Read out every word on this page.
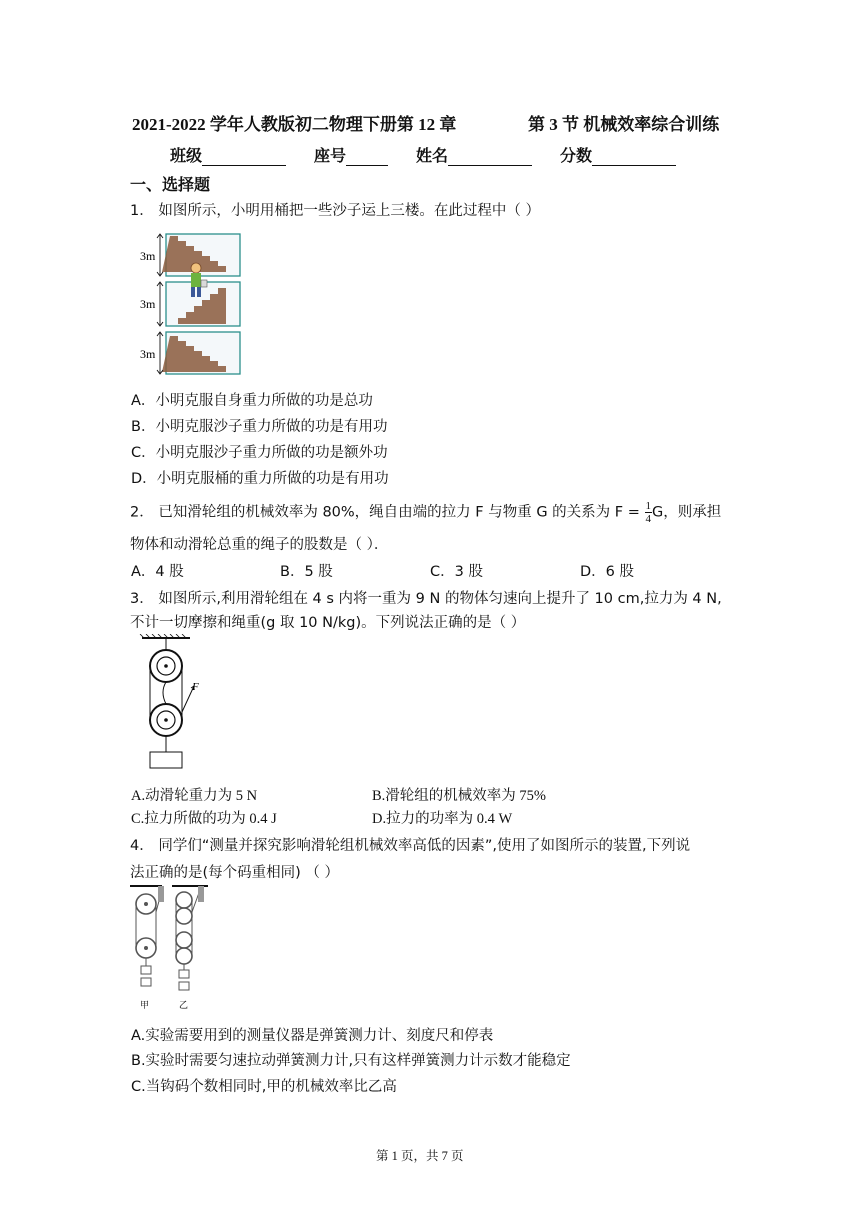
2021-2022 学年人教版初二物理下册第 12 章	第 3 节 机械效率综合训练
班级	座号	姓名	分数
一、选择题
1． 如图所示，小明用桶把一些沙子运上三楼。在此过程中（ ）
3m
3m
3m
A．小明克服自身重力所做的功是总功
B．小明克服沙子重力所做的功是有用功
C．小明克服沙子重力所做的功是额外功
D．小明克服桶的重力所做的功是有用功
2． 已知滑轮组的机械效率为 80%，绳自由端的拉力 F 与物重 G 的关系为 $F = \frac{1}{4}$ G，则承担
物体和动滑轮总重的绳子的股数是（ ）．
A．4 股	B．5 股	C．3 股	D．6 股
3． 如图所示,利用滑轮组在 4 s 内将一重为 9 N 的物体匀速向上提升了 10 cm,拉力为 4 N,
不计一切摩擦和绳重(g 取 10 N/kg)。下列说法正确的是（ ）
F
A.动滑轮重力为 5 N	B.滑轮组的机械效率为 75%
C.拉力所做的功为 0.4 J	D.拉力的功率为 0.4 W
4． 同学们“测量并探究影响滑轮组机械效率高低的因素”,使用了如图所示的装置,下列说
法正确的是(每个码重相同) （ ）
甲	乙
A.实验需要用到的测量仪器是弹簧测力计、刻度尺和停表
B.实验时需要匀速拉动弹簧测力计,只有这样弹簧测力计示数才能稳定
C.当钩码个数相同时,甲的机械效率比乙高
第 1 页，共 7 页
